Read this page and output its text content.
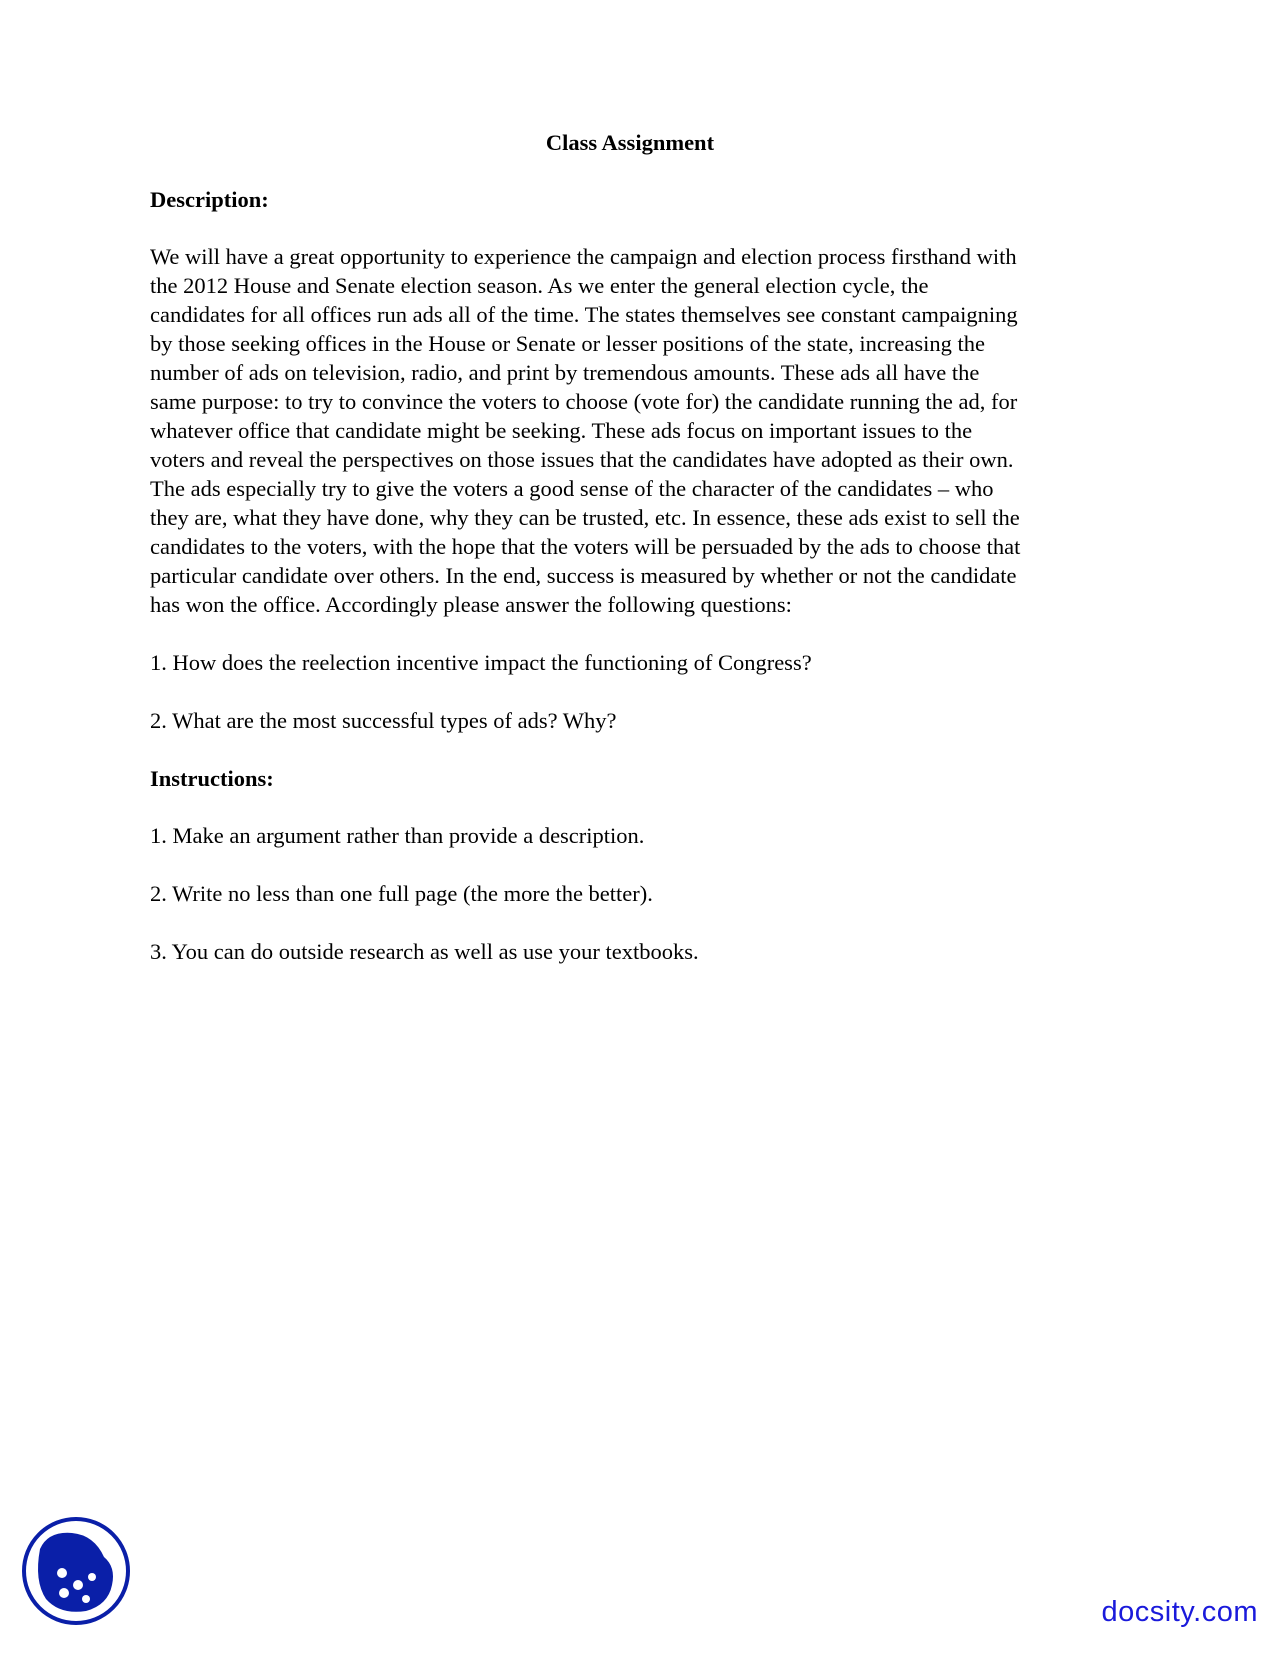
Class Assignment
Description:
We will have a great opportunity to experience the campaign and election process firsthand with
the 2012 House and Senate election season. As we enter the general election cycle, the
candidates for all offices run ads all of the time. The states themselves see constant campaigning
by those seeking offices in the House or Senate or lesser positions of the state, increasing the
number of ads on television, radio, and print by tremendous amounts. These ads all have the
same purpose: to try to convince the voters to choose (vote for) the candidate running the ad, for
whatever office that candidate might be seeking. These ads focus on important issues to the
voters and reveal the perspectives on those issues that the candidates have adopted as their own.
The ads especially try to give the voters a good sense of the character of the candidates – who
they are, what they have done, why they can be trusted, etc. In essence, these ads exist to sell the
candidates to the voters, with the hope that the voters will be persuaded by the ads to choose that
particular candidate over others. In the end, success is measured by whether or not the candidate
has won the office. Accordingly please answer the following questions:
1. How does the reelection incentive impact the functioning of Congress?
2. What are the most successful types of ads? Why?
Instructions:
1. Make an argument rather than provide a description.
2. Write no less than one full page (the more the better).
3. You can do outside research as well as use your textbooks.
docsity.com
